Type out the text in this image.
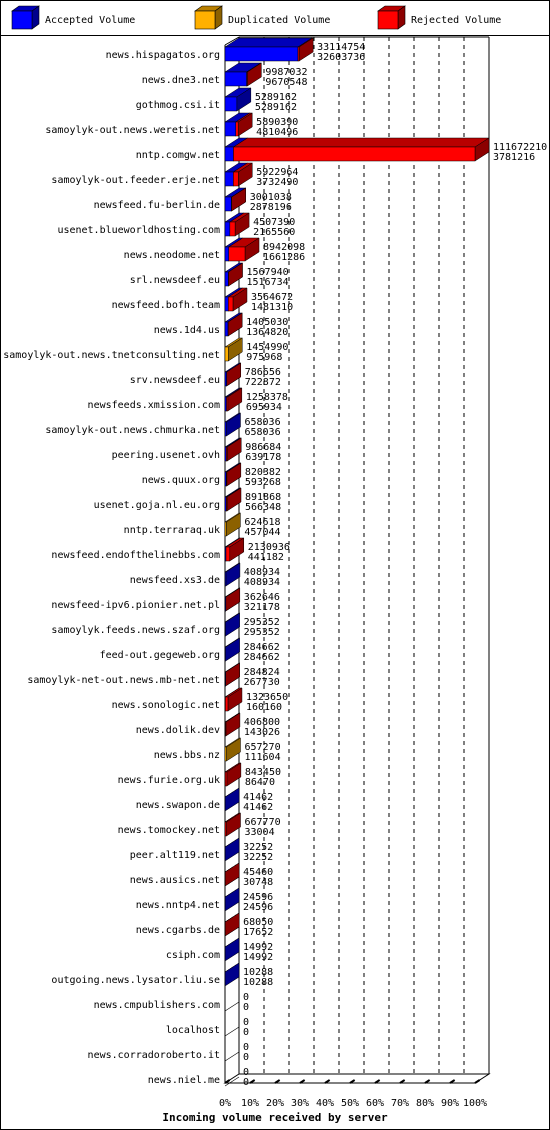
Accepted Volume	Duplicated Volume	Rejected Volume
news.hispagatos.org
news.dne3.net
gothmog.csi.it
samoylyk-out.news.weretis.net
nntp.comgw.net
samoylyk-out.feeder.erje.net
newsfeed.fu-berlin.de
usenet.blueworldhosting.com
news.neodome.net
srl.newsdeef.eu
newsfeed.bofh.team
news.1d4.us
samoylyk-out.news.tnetconsulting.net
srv.newsdeef.eu
newsfeeds.xmission.com
samoylyk-out.news.chmurka.net
peering.usenet.ovh
news.quux.org
usenet.goja.nl.eu.org
nntp.terraraq.uk
newsfeed.endofthelinebbs.com
newsfeed.xs3.de
newsfeed-ipv6.pionier.net.pl
samoylyk.feeds.news.szaf.org
feed-out.gegeweb.org
samoylyk-net-out.news.mb-net.net
news.sonologic.net
news.dolik.dev
news.bbs.nz
news.furie.org.uk
news.swapon.de
news.tomockey.net
peer.alt119.net
news.ausics.net
news.nntp4.net
news.cgarbs.de
csiph.com
outgoing.news.lysator.liu.se
news.cmpublishers.com
localhost
news.corradoroberto.it
news.niel.me
33114754
32603736
9987032
9670548
5289162
5289162
5890390
4810496
111672210
3781216
5922964
3732490
3001038
2878196
4507390
2165560
8942098
1661286
1567940
1516734
3564672
1481310
1405030
1364820
1454990
975968
786656
722872
1258378
695934
658036
658036
986684
639178
820382
593268
891868
566348
624618
457044
2130936
441182
408934
408934
362646
321178
295352
295352
284662
284662
284824
267730
1323650
160160
406800
143026
657270
111604
843450
86470
41462
41462
667770
33004
32252
32252
45460
30748
24596
24596
68050
17652
14992
14992
10288
10288
0
0
0
0
0
0
0
0
0% 10% 20% 30% 40% 50% 60% 70% 80% 90% 100%
Incoming volume received by server
